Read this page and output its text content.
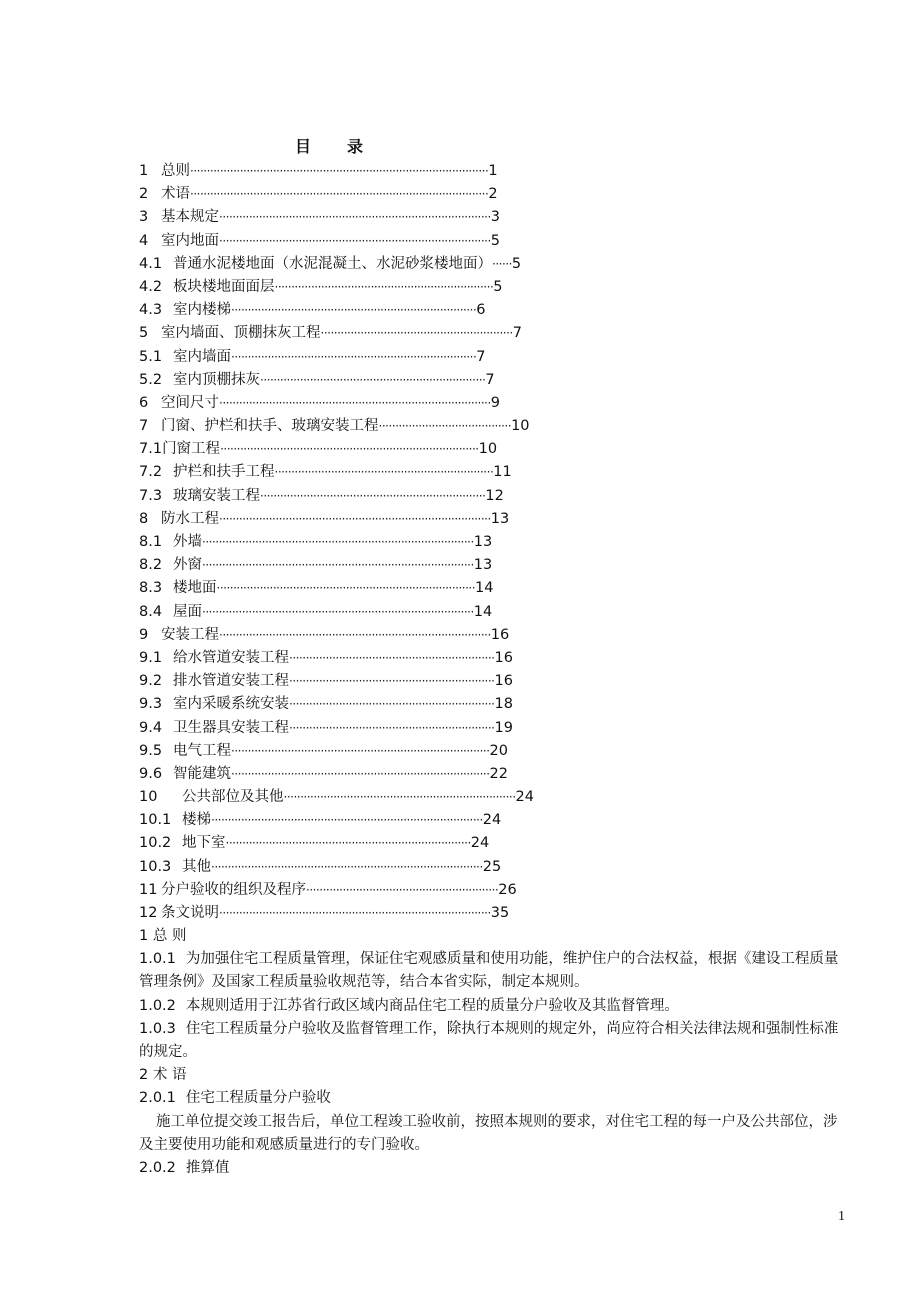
目　录
1 总则 ·························································································· 1
2 术语 ·························································································· 2
3 基本规定 ·················································································· 3
4 室内地面 ·················································································· 5
4.1 普通水泥楼地面（水泥混凝土、水泥砂浆楼地面） ······ 5
4.2 板块楼地面面层 ·································································· 5
4.3 室内楼梯 ·········································································· 6
5 室内墙面、顶棚抹灰工程 ·························································· 7
5.1 室内墙面 ·········································································· 7
5.2 室内顶棚抹灰 ···································································· 7
6 空间尺寸 ·················································································· 9
7 门窗、护栏和扶手、玻璃安装工程 ········································ 10
7.1 门窗工程 ·············································································· 10
7.2 护栏和扶手工程 ·································································· 11
7.3 玻璃安装工程 ···································································· 12
8 防水工程 ·················································································· 13
8.1 外墙 ·················································································· 13
8.2 外窗 ·················································································· 13
8.3 楼地面 ·············································································· 14
8.4 屋面 ·················································································· 14
9 安装工程 ·················································································· 16
9.1 给水管道安装工程 ······························································ 16
9.2 排水管道安装工程 ······························································ 16
9.3 室内采暖系统安装 ······························································ 18
9.4 卫生器具安装工程 ······························································ 19
9.5 电气工程 ·············································································· 20
9.6 智能建筑 ·············································································· 22
10	公共部位及其他 ······································································ 24
10.1 楼梯 ·················································································· 24
10.2 地下室 ·········································································· 24
10.3 其他 ·················································································· 25
11 分户验收的组织及程序 ·························································· 26
12 条文说明 ·················································································· 35

1 总 则

1.0.1 为加强住宅工程质量管理，保证住宅观感质量和使用功能，维护住户的合法权益，根据《建设工程质量管理条例》及国家工程质量验收规范等，结合本省实际，制定本规则。

1.0.2 本规则适用于江苏省行政区域内商品住宅工程的质量分户验收及其监督管理。

1.0.3 住宅工程质量分户验收及监督管理工作，除执行本规则的规定外，尚应符合相关法律法规和强制性标准的规定。

2 术 语

2.0.1 住宅工程质量分户验收

施工单位提交竣工报告后，单位工程竣工验收前，按照本规则的要求，对住宅工程的每一户及公共部位，涉及主要使用功能和观感质量进行的专门验收。

2.0.2 推算值

1
